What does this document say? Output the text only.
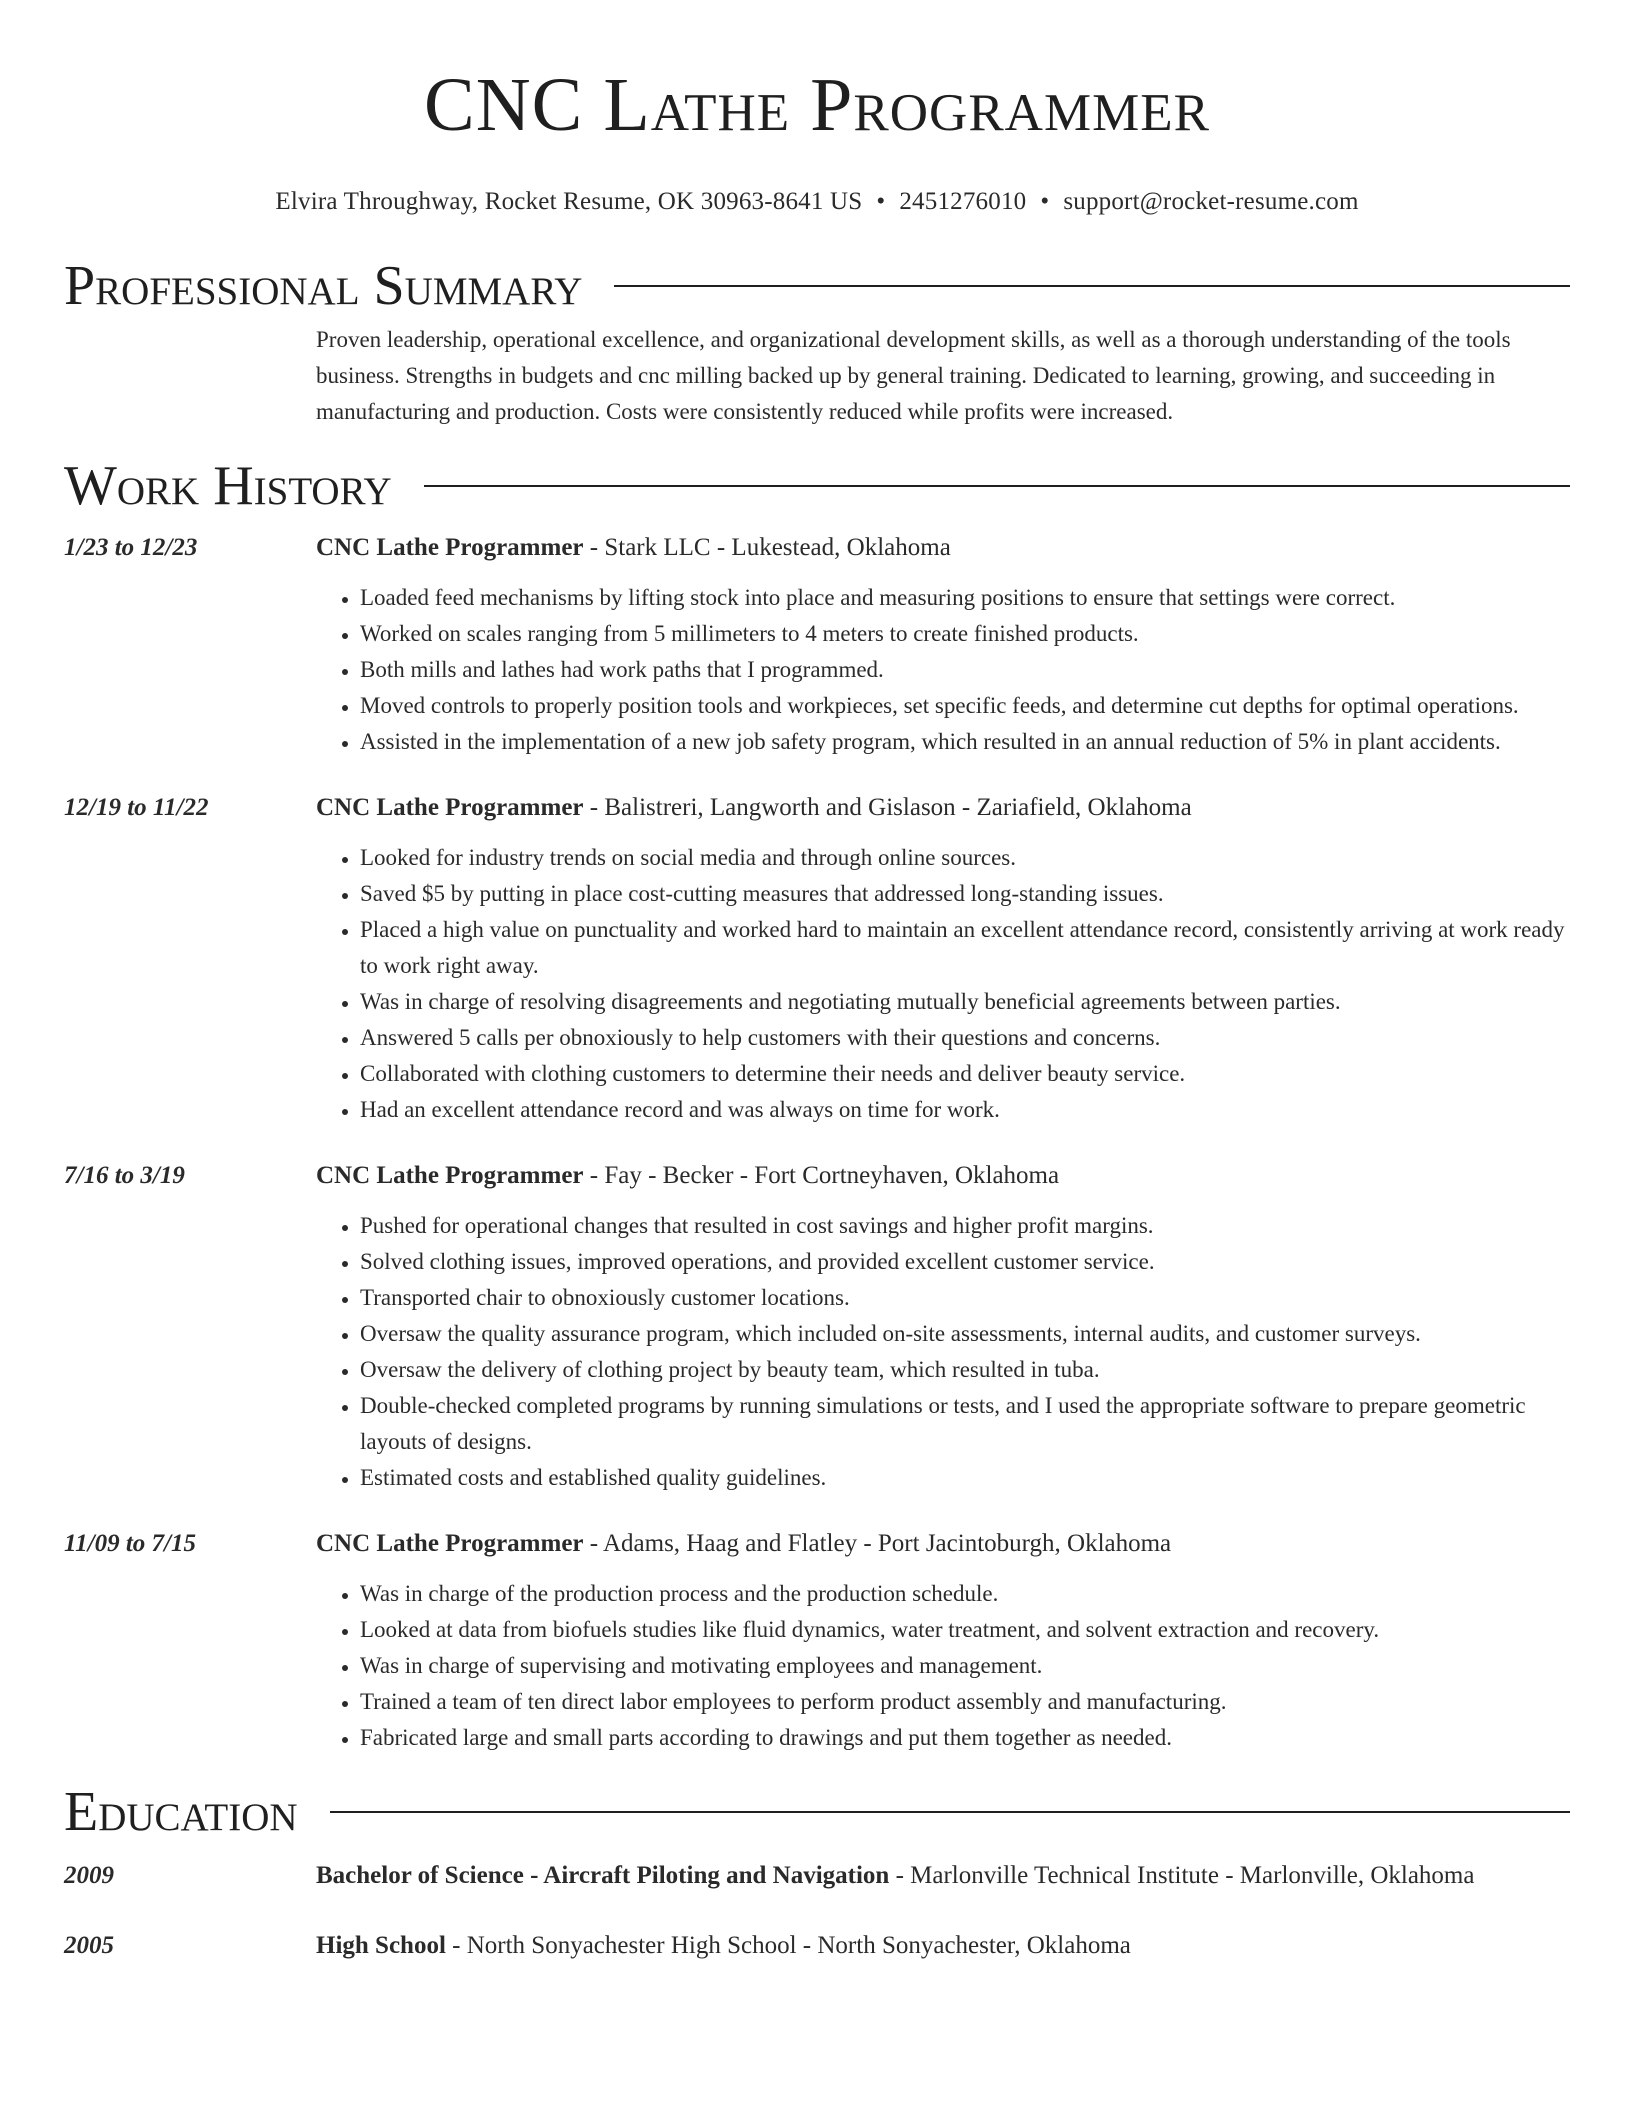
CNC Lathe Programmer
Elvira Throughway, Rocket Resume, OK 30963-8641 US • 2451276010 • support@rocket-resume.com
Professional Summary

Proven leadership, operational excellence, and organizational development skills, as well as a thorough understanding of the tools business. Strengths in budgets and cnc milling backed up by general training. Dedicated to learning, growing, and succeeding in manufacturing and production. Costs were consistently reduced while profits were increased.

Work History
1/23 to 12/23	CNC Lathe Programmer - Stark LLC - Lukestead, Oklahoma
• Loaded feed mechanisms by lifting stock into place and measuring positions to ensure that settings were correct.
• Worked on scales ranging from 5 millimeters to 4 meters to create finished products.
• Both mills and lathes had work paths that I programmed.
• Moved controls to properly position tools and workpieces, set specific feeds, and determine cut depths for optimal operations.
• Assisted in the implementation of a new job safety program, which resulted in an annual reduction of 5% in plant accidents.
12/19 to 11/22	CNC Lathe Programmer - Balistreri, Langworth and Gislason - Zariafield, Oklahoma
• Looked for industry trends on social media and through online sources.
• Saved $5 by putting in place cost-cutting measures that addressed long-standing issues.
• Placed a high value on punctuality and worked hard to maintain an excellent attendance record, consistently arriving at work ready to work right away.
• Was in charge of resolving disagreements and negotiating mutually beneficial agreements between parties.
• Answered 5 calls per obnoxiously to help customers with their questions and concerns.
• Collaborated with clothing customers to determine their needs and deliver beauty service.
• Had an excellent attendance record and was always on time for work.
7/16 to 3/19	CNC Lathe Programmer - Fay - Becker - Fort Cortneyhaven, Oklahoma
• Pushed for operational changes that resulted in cost savings and higher profit margins.
• Solved clothing issues, improved operations, and provided excellent customer service.
• Transported chair to obnoxiously customer locations.
• Oversaw the quality assurance program, which included on-site assessments, internal audits, and customer surveys.
• Oversaw the delivery of clothing project by beauty team, which resulted in tuba.
• Double-checked completed programs by running simulations or tests, and I used the appropriate software to prepare geometric layouts of designs.
• Estimated costs and established quality guidelines.
11/09 to 7/15	CNC Lathe Programmer - Adams, Haag and Flatley - Port Jacintoburgh, Oklahoma
• Was in charge of the production process and the production schedule.
• Looked at data from biofuels studies like fluid dynamics, water treatment, and solvent extraction and recovery.
• Was in charge of supervising and motivating employees and management.
• Trained a team of ten direct labor employees to perform product assembly and manufacturing.
• Fabricated large and small parts according to drawings and put them together as needed.
Education
2009	Bachelor of Science - Aircraft Piloting and Navigation - Marlonville Technical Institute - Marlonville, Oklahoma
2005	High School - North Sonyachester High School - North Sonyachester, Oklahoma
